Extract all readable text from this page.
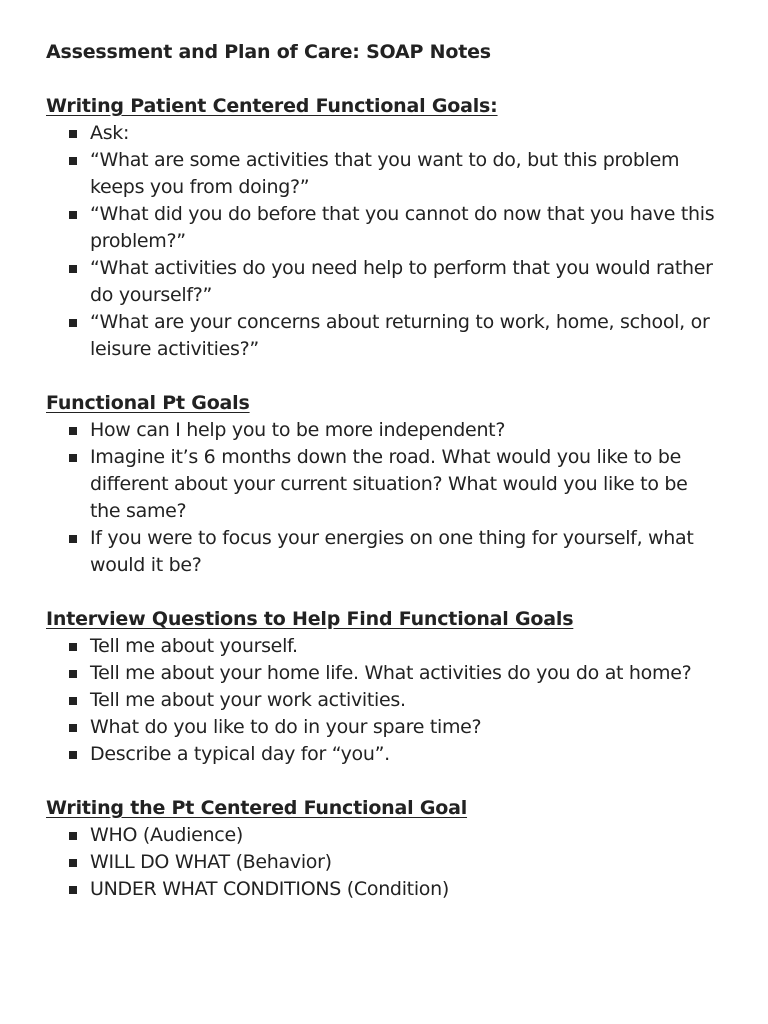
Assessment and Plan of Care: SOAP Notes
Writing Patient Centered Functional Goals:
Ask:
“What are some activities that you want to do, but this problem keeps you from doing?”
“What did you do before that you cannot do now that you have this problem?”
“What activities do you need help to perform that you would rather do yourself?”
“What are your concerns about returning to work, home, school, or leisure activities?”
Functional Pt Goals
How can I help you to be more independent?
Imagine it’s 6 months down the road. What would you like to be different about your current situation? What would you like to be the same?
If you were to focus your energies on one thing for yourself, what would it be?
Interview Questions to Help Find Functional Goals
Tell me about yourself.
Tell me about your home life. What activities do you do at home?
Tell me about your work activities.
What do you like to do in your spare time?
Describe a typical day for “you”.
Writing the Pt Centered Functional Goal
WHO (Audience)
WILL DO WHAT (Behavior)
UNDER WHAT CONDITIONS (Condition)
